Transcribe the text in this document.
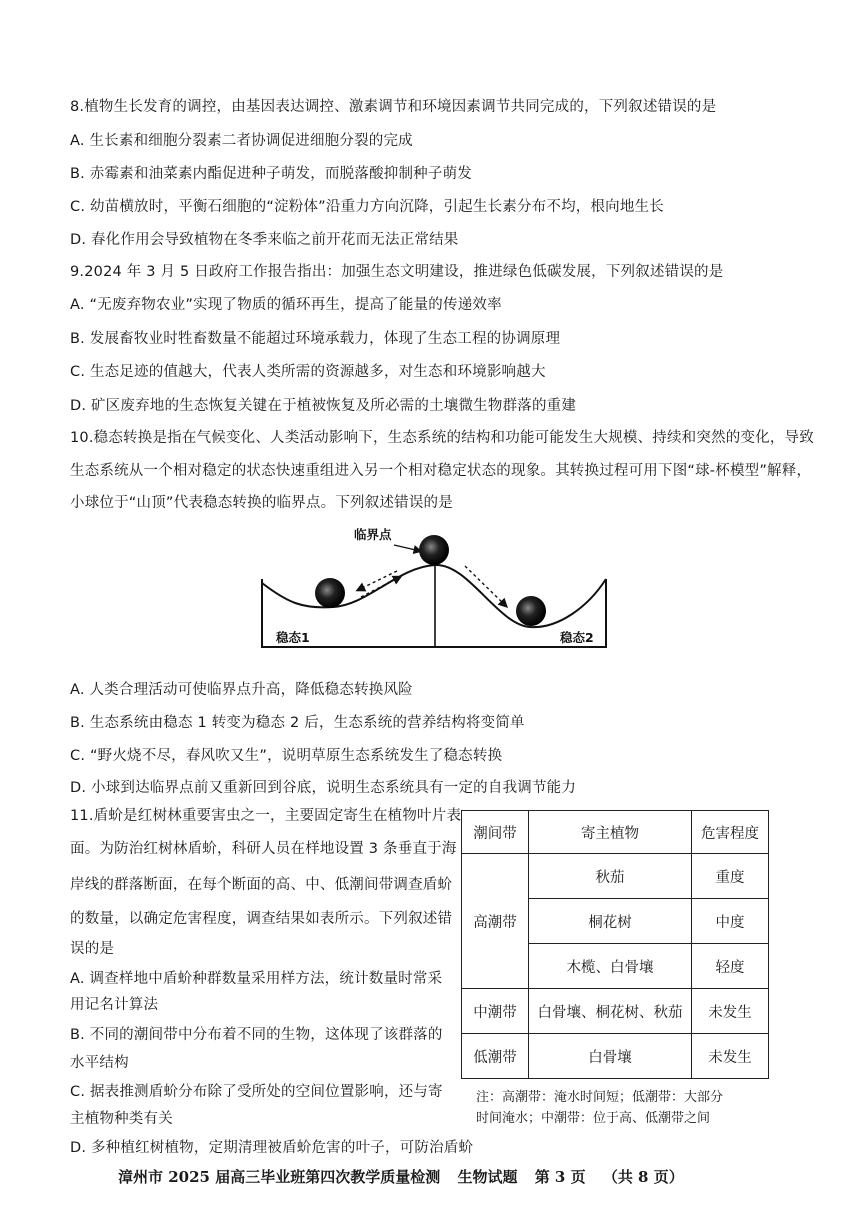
8.植物生长发育的调控，由基因表达调控、激素调节和环境因素调节共同完成的，下列叙述错误的是
A. 生长素和细胞分裂素二者协调促进细胞分裂的完成
B. 赤霉素和油菜素内酯促进种子萌发，而脱落酸抑制种子萌发
C. 幼苗横放时，平衡石细胞的“淀粉体”沿重力方向沉降，引起生长素分布不均，根向地生长
D. 春化作用会导致植物在冬季来临之前开花而无法正常结果
9.2024 年 3 月 5 日政府工作报告指出：加强生态文明建设，推进绿色低碳发展，下列叙述错误的是
A. “无废弃物农业”实现了物质的循环再生，提高了能量的传递效率
B. 发展畜牧业时牲畜数量不能超过环境承载力，体现了生态工程的协调原理
C. 生态足迹的值越大，代表人类所需的资源越多，对生态和环境影响越大
D. 矿区废弃地的生态恢复关键在于植被恢复及所必需的土壤微生物群落的重建
10.稳态转换是指在气候变化、人类活动影响下，生态系统的结构和功能可能发生大规模、持续和突然的变化，导致
生态系统从一个相对稳定的状态快速重组进入另一个相对稳定状态的现象。其转换过程可用下图“球-杯模型”解释，
小球位于“山顶”代表稳态转换的临界点。下列叙述错误的是
临界点
稳态1	稳态2
A. 人类合理活动可使临界点升高，降低稳态转换风险
B. 生态系统由稳态 1 转变为稳态 2 后，生态系统的营养结构将变简单
C. “野火烧不尽，春风吹又生”，说明草原生态系统发生了稳态转换
D. 小球到达临界点前又重新回到谷底，说明生态系统具有一定的自我调节能力
11.盾蚧是红树林重要害虫之一，主要固定寄生在植物叶片表
面。为防治红树林盾蚧，科研人员在样地设置 3 条垂直于海
岸线的群落断面，在每个断面的高、中、低潮间带调查盾蚧
的数量，以确定危害程度，调查结果如表所示。下列叙述错
误的是
A. 调查样地中盾蚧种群数量采用样方法，统计数量时常采
用记名计算法
B. 不同的潮间带中分布着不同的生物，这体现了该群落的
水平结构
C. 据表推测盾蚧分布除了受所处的空间位置影响，还与寄
主植物种类有关
D. 多种植红树植物，定期清理被盾蚧危害的叶子，可防治盾蚧
潮间带	寄主植物	危害程度
高潮带	秋茄	重度
	桐花树	中度
	木榄、白骨壤	轻度
中潮带	白骨壤、桐花树、秋茄	未发生
低潮带	白骨壤	未发生
注：高潮带：淹水时间短；低潮带：大部分
时间淹水；中潮带：位于高、低潮带之间
漳州市 2025 届高三毕业班第四次教学质量检测 生物试题 第 3 页 （共 8 页）
